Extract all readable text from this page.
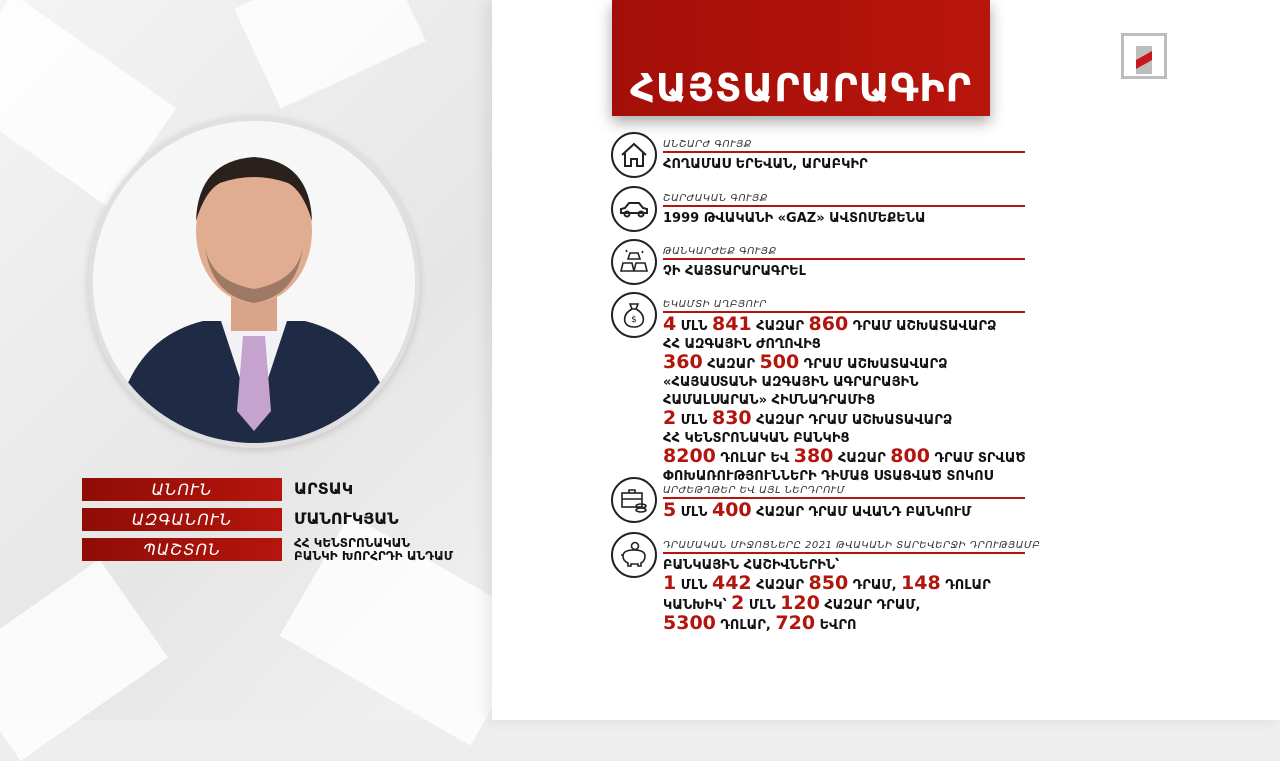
ՀԱՅՏԱՐԱՐԱԳԻՐ
ԱՆՈՒՆ	ԱՐՏԱԿ
ԱԶԳԱՆՈՒՆ	ՄԱՆՈՒԿՅԱՆ
ՊԱՇՏՈՆ	ՀՀ ԿԵՆՏՐՈՆԱԿԱՆ
ԲԱՆԿԻ ԽՈՐՀՐԴԻ ԱՆԴԱՄ
$
ԱՆՇԱՐԺ ԳՈՒՅՔ
ՀՈՂԱՄԱՍ ԵՐԵՎԱՆ, ԱՐԱԲԿԻՐ
ՇԱՐԺԱԿԱՆ ԳՈՒՅՔ
1999 ԹՎԱԿԱՆԻ «GAZ» ԱՎՏՈՄԵՔԵՆԱ
ԹԱՆԿԱՐԺԵՔ ԳՈՒՅՔ
ՉԻ ՀԱՅՏԱՐԱՐԱԳՐԵԼ
ԵԿԱՄՏԻ ԱՂԲՅՈՒՐ
4 ՄԼՆ 841 ՀԱԶԱՐ 860 ԴՐԱՄ ԱՇԽԱՏԱՎԱՐՁ
ՀՀ ԱԶԳԱՅԻՆ ԺՈՂՈՎԻՑ
360 ՀԱԶԱՐ 500 ԴՐԱՄ ԱՇԽԱՏԱՎԱՐՁ
«ՀԱՅԱՍՏԱՆԻ ԱԶԳԱՅԻՆ ԱԳՐԱՐԱՅԻՆ
ՀԱՄԱԼՍԱՐԱՆ» ՀԻՄՆԱԴՐԱՄԻՑ
2 ՄԼՆ 830 ՀԱԶԱՐ ԴՐԱՄ ԱՇԽԱՏԱՎԱՐՁ
ՀՀ ԿԵՆՏՐՈՆԱԿԱՆ ԲԱՆԿԻՑ
8200 ԴՈԼԱՐ ԵՎ 380 ՀԱԶԱՐ 800 ԴՐԱՄ ՏՐՎԱԾ
ՓՈԽԱՌՈՒԹՅՈՒՆՆԵՐԻ ԴԻՄԱՑ ՍՏԱՑՎԱԾ ՏՈԿՈՍ
ԱՐԺԵԹՂԹԵՐ ԵՎ ԱՅԼ ՆԵՐԴՐՈՒՄ
5 ՄԼՆ 400 ՀԱԶԱՐ ԴՐԱՄ ԱՎԱՆԴ ԲԱՆԿՈՒՄ
ԴՐԱՄԱԿԱՆ ՄԻՋՈՑՆԵՐԸ 2021 ԹՎԱԿԱՆԻ ՏԱՐԵՎԵՐՋԻ ԴՐՈՒԹՅԱՄԲ
ԲԱՆԿԱՅԻՆ ՀԱՇԻՎՆԵՐԻՆ՝
1 ՄԼՆ 442 ՀԱԶԱՐ 850 ԴՐԱՄ, 148 ԴՈԼԱՐ
ԿԱՆԽԻԿ՝ 2 ՄԼՆ 120 ՀԱԶԱՐ ԴՐԱՄ,
5300 ԴՈԼԱՐ, 720 ԵՎՐՈ
